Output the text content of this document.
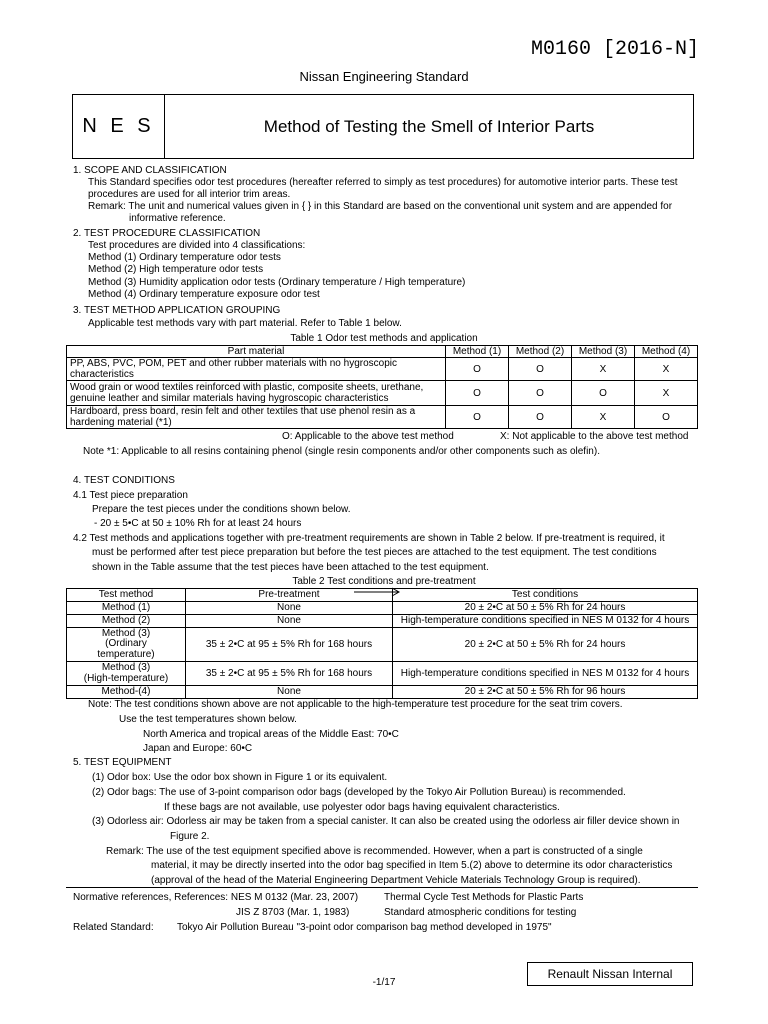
M0160 [2016-N]
Nissan Engineering Standard
N E S	Method of Testing the Smell of Interior Parts
1. SCOPE AND CLASSIFICATION
This Standard specifies odor test procedures (hereafter referred to simply as test procedures) for automotive interior parts. These test
procedures are used for all interior trim areas.
Remark: The unit and numerical values given in { } in this Standard are based on the conventional unit system and are appended for
informative reference.
2. TEST PROCEDURE CLASSIFICATION
Test procedures are divided into 4 classifications:
Method (1) Ordinary temperature odor tests
Method (2) High temperature odor tests
Method (3) Humidity application odor tests (Ordinary temperature / High temperature)
Method (4) Ordinary temperature exposure odor test
3. TEST METHOD APPLICATION GROUPING
Applicable test methods vary with part material. Refer to Table 1 below.
Table 1 Odor test methods and application
Part material	Method (1)	Method (2)	Method (3)	Method (4)
PP, ABS, PVC, POM, PET and other rubber materials with no hygroscopic characteristics	O	O	X	X
Wood grain or wood textiles reinforced with plastic, composite sheets, urethane, genuine leather and similar materials having hygroscopic characteristics	O	O	O	X
Hardboard, press board, resin felt and other textiles that use phenol resin as a hardening material (*1)	O	O	X	O
O: Applicable to the above test method	X: Not applicable to the above test method
Note *1: Applicable to all resins containing phenol (single resin components and/or other components such as olefin).
4. TEST CONDITIONS
4.1 Test piece preparation
Prepare the test pieces under the conditions shown below.
- 20 ± 5•C at 50 ± 10% Rh for at least 24 hours
4.2 Test methods and applications together with pre-treatment requirements are shown in Table 2 below. If pre-treatment is required, it
must be performed after test piece preparation but before the test pieces are attached to the test equipment. The test conditions
shown in the Table assume that the test pieces have been attached to the test equipment.
Table 2 Test conditions and pre-treatment
Test method	Pre-treatment	Test conditions
Method (1)	None	20 ± 2•C at 50 ± 5% Rh for 24 hours
Method (2)	None	High-temperature conditions specified in NES M 0132 for 4 hours
Method (3)
(Ordinary
temperature)	35 ± 2•C at 95 ± 5% Rh for 168 hours	20 ± 2•C at 50 ± 5% Rh for 24 hours
Method (3)
(High-temperature)	35 ± 2•C at 95 ± 5% Rh for 168 hours	High-temperature conditions specified in NES M 0132 for 4 hours
Method-(4)	None	20 ± 2•C at 50 ± 5% Rh for 96 hours
Note: The test conditions shown above are not applicable to the high-temperature test procedure for the seat trim covers.
Use the test temperatures shown below.
North America and tropical areas of the Middle East: 70•C
Japan and Europe: 60•C
5. TEST EQUIPMENT
(1) Odor box: Use the odor box shown in Figure 1 or its equivalent.
(2) Odor bags: The use of 3-point comparison odor bags (developed by the Tokyo Air Pollution Bureau) is recommended.
If these bags are not available, use polyester odor bags having equivalent characteristics.
(3) Odorless air: Odorless air may be taken from a special canister. It can also be created using the odorless air filler device shown in
Figure 2.
Remark: The use of the test equipment specified above is recommended. However, when a part is constructed of a single
material, it may be directly inserted into the odor bag specified in Item 5.(2) above to determine its odor characteristics
(approval of the head of the Material Engineering Department Vehicle Materials Technology Group is required).
Normative references, References: NES M 0132 (Mar. 23, 2007)	Thermal Cycle Test Methods for Plastic Parts
JIS Z 8703 (Mar. 1, 1983)	Standard atmospheric conditions for testing
Related Standard: Tokyo Air Pollution Bureau "3-point odor comparison bag method developed in 1975"
-1/17
Renault Nissan Internal
